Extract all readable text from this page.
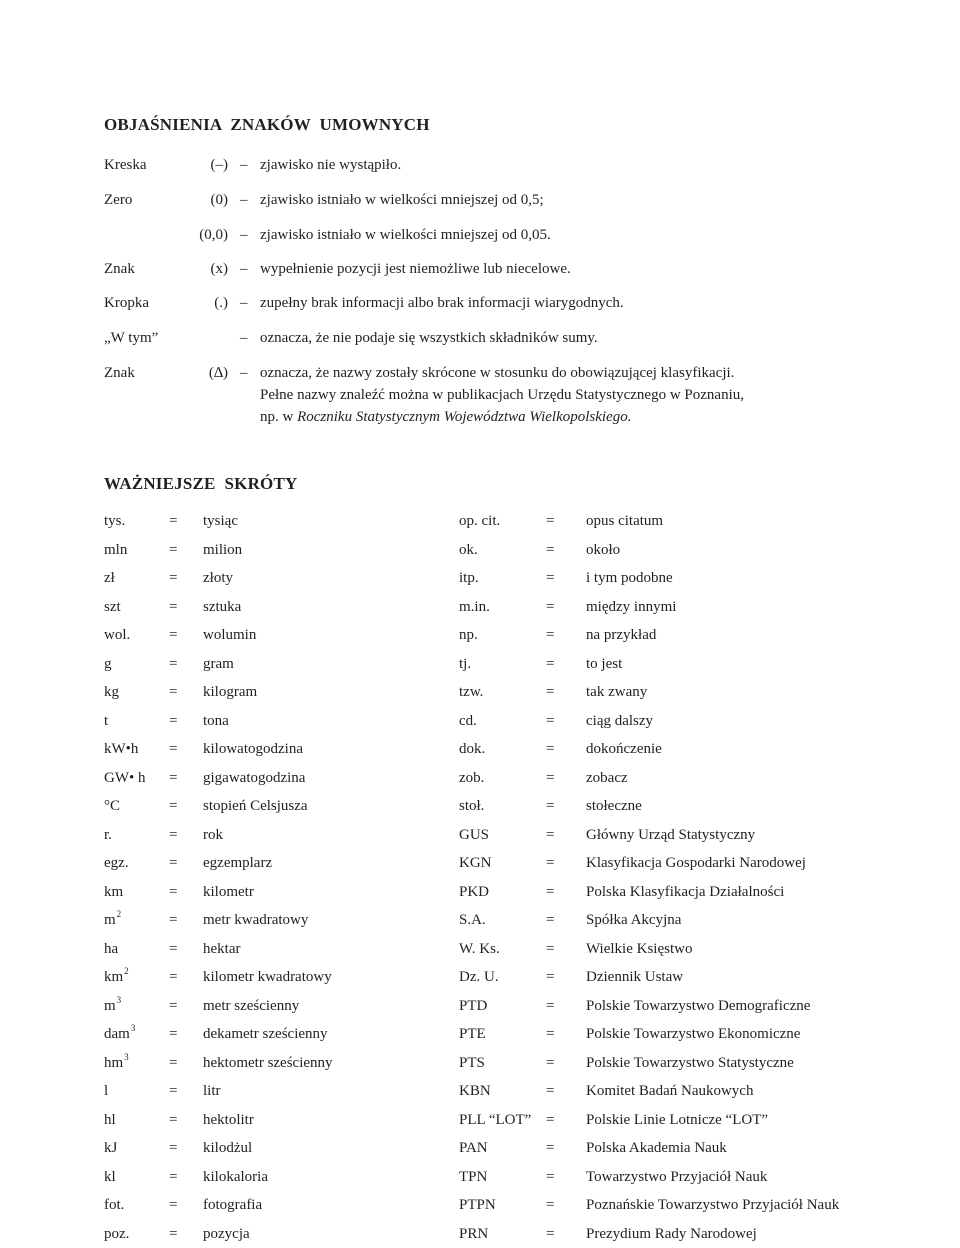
OBJAŚNIENIA  ZNAKÓW  UMOWNYCH
Kreska	(–) – zjawisko nie wystąpiło.
Zero	(0) – zjawisko istniało w wielkości mniejszej od 0,5;
(0,0) – zjawisko istniało w wielkości mniejszej od 0,05.
Znak	(x) – wypełnienie pozycji jest niemożliwe lub niecelowe.
Kropka	(.) – zupełny brak informacji albo brak informacji wiarygodnych.
„W tym”	– oznacza, że nie podaje się wszystkich składników sumy.
Znak	(∆) – oznacza, że nazwy zostały skrócone w stosunku do obowiązującej klasyfikacji.
Pełne nazwy znaleźć można w publikacjach Urzędu Statystycznego w Poznaniu,
np. w Roczniku Statystycznym Województwa Wielkopolskiego.
WAŻNIEJSZE  SKRÓTY
tys.	= tysiąc	op. cit.	= opus citatum
mln	= milion	ok.	= około
zł	= złoty	itp.	= i tym podobne
szt	= sztuka	m.in.	= między innymi
wol.	= wolumin	np.	= na przykład
g	= gram	tj.	= to jest
kg	= kilogram	tzw.	= tak zwany
t	= tona	cd.	= ciąg dalszy
kW•h = kilowatogodzina	dok.	= dokończenie
GW• h = gigawatogodzina	zob.	= zobacz
°C	= stopień Celsjusza	stoł.	= stołeczne
r.	= rok	GUS	= Główny Urząd Statystyczny
egz.	= egzemplarz	KGN	= Klasyfikacja Gospodarki Narodowej
km	= kilometr	PKD	= Polska Klasyfikacja Działalności
$m^2$	= metr kwadratowy	S.A.	= Spółka Akcyjna
ha	= hektar	W. Ks.	= Wielkie Księstwo
$km^2$	= kilometr kwadratowy	Dz. U.	= Dziennik Ustaw
$m^3$	= metr sześcienny	PTD	= Polskie Towarzystwo Demograficzne
dam$^3$ = dekametr sześcienny	PTE	= Polskie Towarzystwo Ekonomiczne
$hm^3$	= hektometr sześcienny	PTS	= Polskie Towarzystwo Statystyczne
l	= litr	KBN	= Komitet Badań Naukowych
hl	= hektolitr	PLL “LOT” = Polskie Linie Lotnicze “LOT”
kJ	= kilodżul	PAN	= Polska Akademia Nauk
kl	= kilokaloria	TPN	= Towarzystwo Przyjaciół Nauk
fot.	= fotografia	PTPN	= Poznańskie Towarzystwo Przyjaciół Nauk
poz.	= pozycja	PRN	= Prezydium Rady Narodowej
